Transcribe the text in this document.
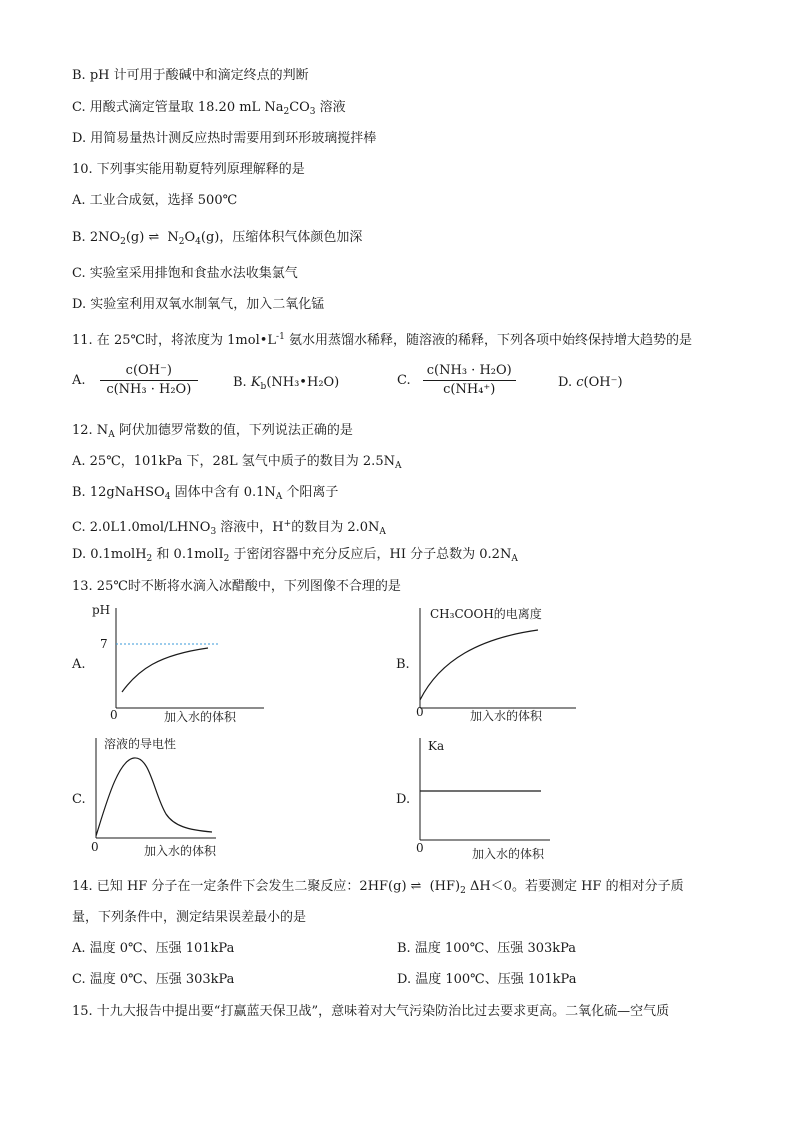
B. pH 计可用于酸碱中和滴定终点的判断
C. 用酸式滴定管量取 18.20 mL $Na_2CO_3$ 溶液
D. 用简易量热计测反应热时需要用到环形玻璃搅拌棒
10. 下列事实能用勒夏特列原理解释的是
A. 工业合成氨，选择 500℃
B. $2NO_2(g)$ ⇌ $N_2O_4(g)$，压缩体积气体颜色加深
C. 实验室采用排饱和食盐水法收集氯气
D. 实验室利用双氧水制氧气，加入二氧化锰
11. 在 25℃时，将浓度为 $1mol•L^{-1}$ 氨水用蒸馏水稀释，随溶液的稀释，下列各项中始终保持增大趋势的是
A. $\frac{c(OH^-)}{\text{c(NH₃ · H₂O)}}$	B. $K_b(NH_3•H_2O)$	C. $\frac{\text{c(NH₃ · H₂O)}}{\text{c(NH₄⁺)}}$	D. c(OH⁻)
12. $N_A$ 阿伏加德罗常数的值，下列说法正确的是
A. 25℃，101kPa 下，28L 氢气中质子的数目为 $2.5N_A$
B. 12gNaHSO$_4$ 固体中含有 $0.1N_A$ 个阳离子
C. $2.0L1.0mol/LHNO_3$ 溶液中，H+的数目为 $2.0N_A$
D. 0.1molH$_2$ 和 0.1molI$_2$ 于密闭容器中充分反应后，HI 分子总数为 $0.2N_A$
13. 25℃时不断将水滴入冰醋酸中，下列图像不合理的是
A.
pH
7
0	加入水的体积
B.
CH₃COOH的电离度
0	加入水的体积
C.
溶液的导电性
0	加入水的体积
D.
Ka
0	加入水的体积
14. 已知 HF 分子在一定条件下会发生二聚反应：2HF(g) ⇌ $(HF)_2$ ΔH＜0。若要测定 HF 的相对分子质
量，下列条件中，测定结果误差最小的是
A. 温度 0℃、压强 101kPa	B. 温度 100℃、压强 303kPa
C. 温度 0℃、压强 303kPa	D. 温度 100℃、压强 101kPa
15. 十九大报告中提出要“打赢蓝天保卫战”，意味着对大气污染防治比过去要求更高。二氧化硫—空气质
